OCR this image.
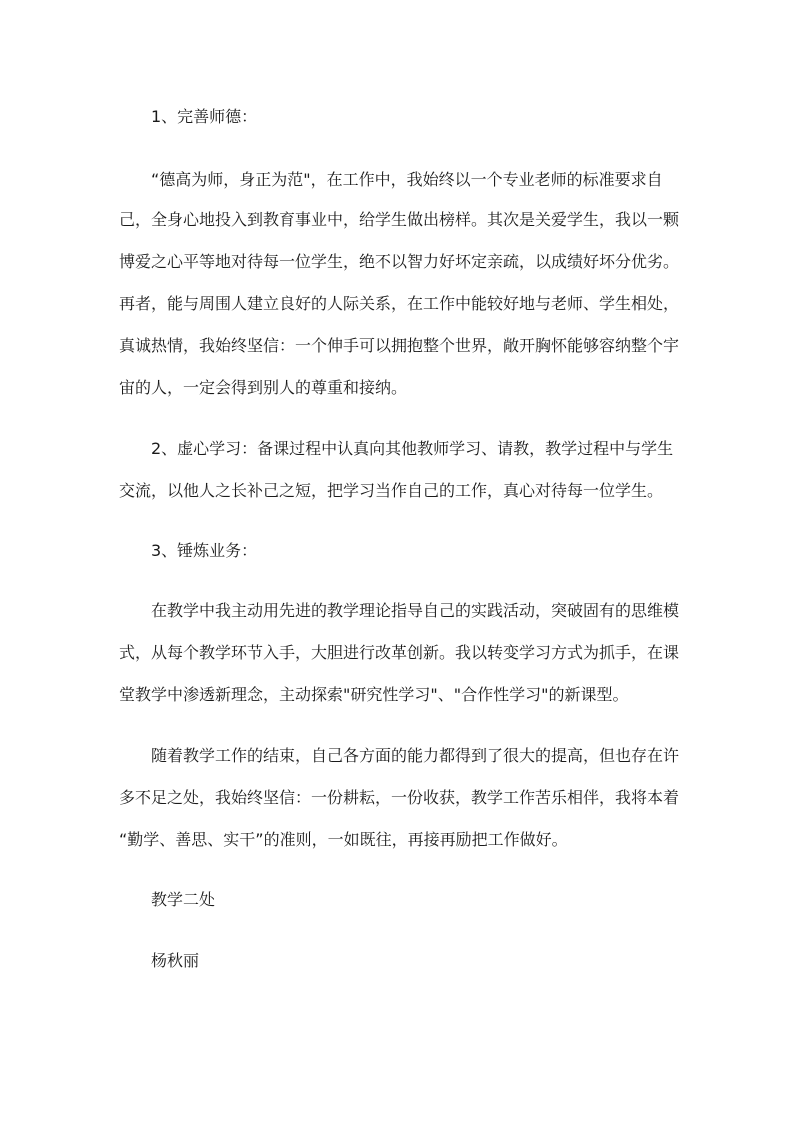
1、完善师德：
“德高为师，身正为范"，在工作中，我始终以一个专业老师的标准要求自
己，全身心地投入到教育事业中，给学生做出榜样。其次是关爱学生，我以一颗
博爱之心平等地对待每一位学生，绝不以智力好坏定亲疏，以成绩好坏分优劣。
再者，能与周围人建立良好的人际关系，在工作中能较好地与老师、学生相处，
真诚热情，我始终坚信：一个伸手可以拥抱整个世界，敞开胸怀能够容纳整个宇
宙的人，一定会得到别人的尊重和接纳。
2、虚心学习：备课过程中认真向其他教师学习、请教，教学过程中与学生
交流，以他人之长补己之短，把学习当作自己的工作，真心对待每一位学生。
3、锤炼业务：
在教学中我主动用先进的教学理论指导自己的实践活动，突破固有的思维模
式，从每个教学环节入手，大胆进行改革创新。我以转变学习方式为抓手，在课
堂教学中渗透新理念，主动探索"研究性学习"、"合作性学习"的新课型。
随着教学工作的结束，自己各方面的能力都得到了很大的提高，但也存在许
多不足之处，我始终坚信：一份耕耘，一份收获，教学工作苦乐相伴，我将本着
“勤学、善思、实干”的准则，一如既往，再接再励把工作做好。
教学二处
杨秋丽
